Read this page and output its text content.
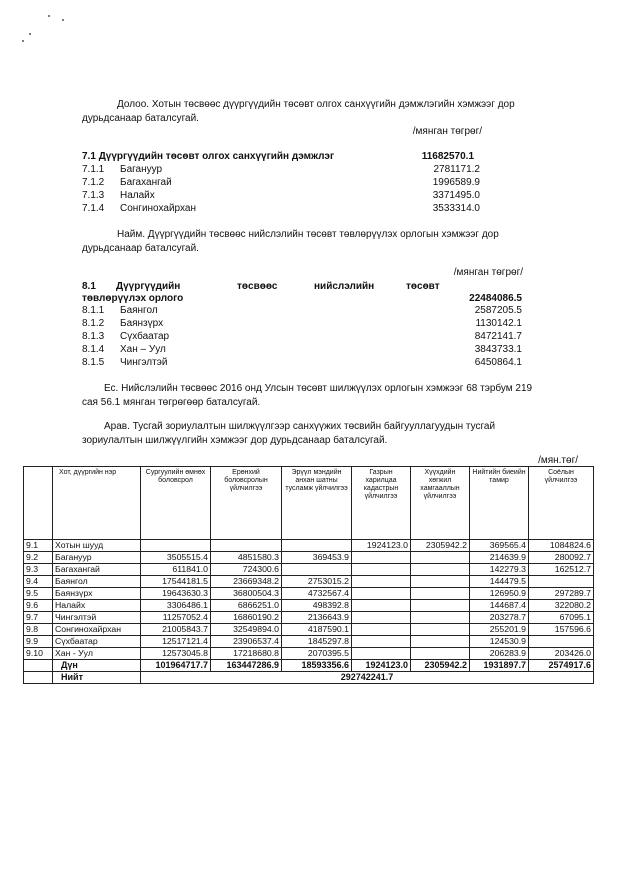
Долоо. Хотын төсвөөс дүүргүүдийн төсөвт олгох санхүүгийн дэмжлэгийн хэмжээг дор
дурьдсанаар баталсугай.
/мянган төгрөг/
7.1 Дүүргүүдийн төсөвт олгох санхүүгийн дэмжлэг	11682570.1
7.1.1 Багануур	2781171.2
7.1.2 Багахангай	1996589.9
7.1.3 Налайх	3371495.0
7.1.4 Сонгинохайрхан	3533314.0
Найм. Дүүргүүдийн төсвөөс нийслэлийн төсөвт төвлөрүүлэх орлогын хэмжээг дор
дурьдсанаар баталсугай.
/мянган төгрөг/
8.1 Дүүргүүдийн	төсвөөс	нийслэлийн	төсөвт
төвлөрүүлэх орлого	22484086.5
8.1.1 Баянгол	2587205.5
8.1.2 Баянзүрх	1130142.1
8.1.3 Сүхбаатар	8472141.7
8.1.4 Хан – Уул	3843733.1
8.1.5 Чингэлтэй	6450864.1
Ес. Нийслэлийн төсвөөс 2016 онд Улсын төсөвт шилжүүлэх орлогын хэмжээг 68 тэрбум 219
сая 56.1 мянган төгрөгөөр баталсугай.
Арав. Тусгай зориулалтын шилжүүлгээр санхүүжих төсвийн байгууллагуудын тусгай
зориулалтын шилжүүлгийн хэмжээг дор дурьдсанаар баталсугай.
/мян.төг/
	Хот, дүүргийн нэр	Сургуулийн өмнөх боловсрол	Ерөнхий боловсролын үйлчилгээ	Эрүүл мэндийн анхан шатны тусламж үйлчилгээ	Газрын харилцаа кадастрын үйлчилгээ	Хүүхдийн хөгжил хамгааллын үйлчилгээ	Нийтийн биеийн тамир	Соёлын үйлчилгээ
9.1	Хотын шууд				1924123.0	2305942.2	369565.4	1084824.6
9.2	Багануур	3505515.4	4851580.3	369453.9			214639.9	280092.7
9.3	Багахангай	611841.0	724300.6				142279.3	162512.7
9.4	Баянгол	17544181.5	23669348.2	2753015.2			144479.5	
9.5	Баянзүрх	19643630.3	36800504.3	4732567.4			126950.9	297289.7
9.6	Налайх	3306486.1	6866251.0	498392.8			144687.4	322080.2
9.7	Чингэлтэй	11257052.4	16860190.2	2136643.9			203278.7	67095.1
9.8	Сонгинохайрхан	21005843.7	32549894.0	4187590.1			255201.9	157596.6
9.9	Сүхбаатар	12517121.4	23906537.4	1845297.8			124530.9	
9.10	Хан - Уул	12573045.8	17218680.8	2070395.5			206283.9	203426.0
	Дүн	101964717.7	163447286.9	18593356.6	1924123.0	2305942.2	1931897.7	2574917.6
	Нийт	292742241.7						
